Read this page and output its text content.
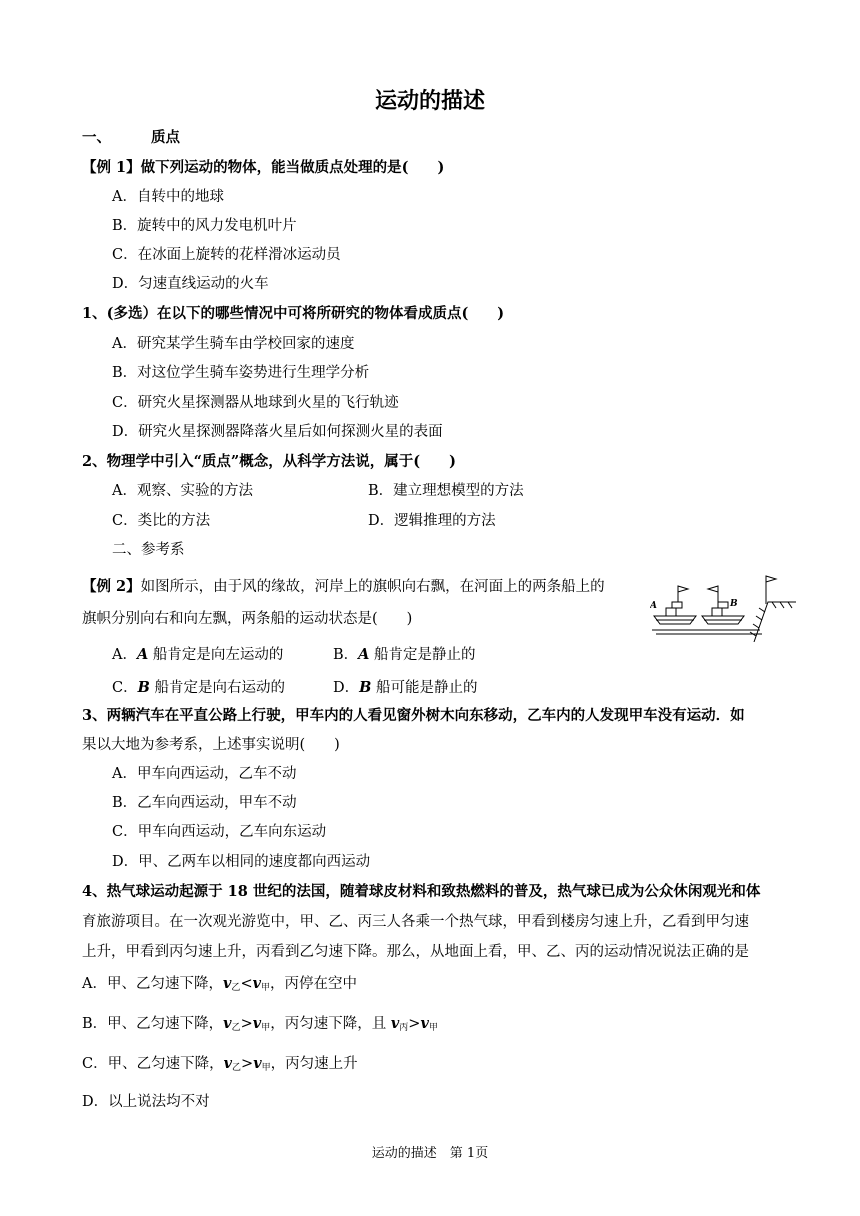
运动的描述
一、	质点
【例 1】做下列运动的物体，能当做质点处理的是(　　)
A．自转中的地球
B．旋转中的风力发电机叶片
C．在冰面上旋转的花样滑冰运动员
D．匀速直线运动的火车
1、(多选）在以下的哪些情况中可将所研究的物体看成质点(　　)
A．研究某学生骑车由学校回家的速度
B．对这位学生骑车姿势进行生理学分析
C．研究火星探测器从地球到火星的飞行轨迹
D．研究火星探测器降落火星后如何探测火星的表面
2、物理学中引入“质点”概念，从科学方法说，属于(　　)
A．观察、实验的方法	B．建立理想模型的方法
C．类比的方法	D．逻辑推理的方法
二、参考系
【例 2】如图所示，由于风的缘故，河岸上的旗帜向右飘，在河面上的两条船上的
旗帜分别向右和向左飘，两条船的运动状态是(　　)
A	B
A．A 船肯定是向左运动的	B．A 船肯定是静止的
C．B 船肯定是向右运动的	D．B 船可能是静止的
3、两辆汽车在平直公路上行驶，甲车内的人看见窗外树木向东移动，乙车内的人发现甲车没有运动．如
果以大地为参考系，上述事实说明(　　)
A．甲车向西运动，乙车不动
B．乙车向西运动，甲车不动
C．甲车向西运动，乙车向东运动
D．甲、乙两车以相同的速度都向西运动
4、热气球运动起源于 18 世纪的法国，随着球皮材料和致热燃料的普及，热气球已成为公众休闲观光和体
育旅游项目。在一次观光游览中，甲、乙、丙三人各乘一个热气球，甲看到楼房匀速上升，乙看到甲匀速
上升，甲看到丙匀速上升，丙看到乙匀速下降。那么，从地面上看，甲、乙、丙的运动情况说法正确的是
A．甲、乙匀速下降，$v_乙<v_甲$，丙停在空中
B．甲、乙匀速下降，$v_乙>v_甲$，丙匀速下降，且 $v_丙>v_甲$
C．甲、乙匀速下降，$v_乙>v_甲$，丙匀速上升
D．以上说法均不对
运动的描述　第 1页
